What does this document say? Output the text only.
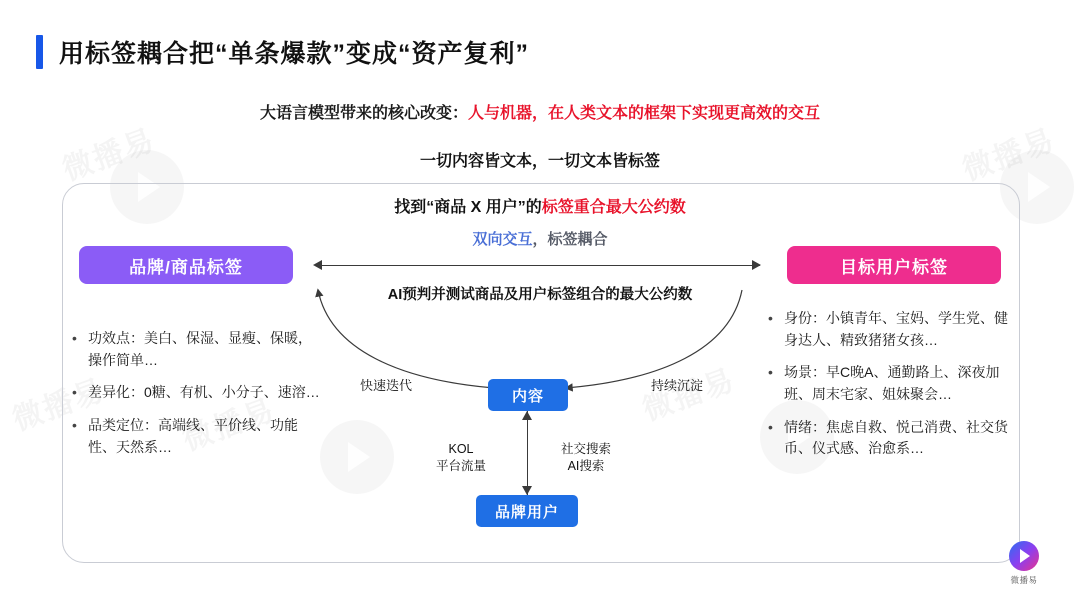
用标签耦合把“单条爆款”变成“资产复利”
大语言模型带来的核心改变：人与机器，在人类文本的框架下实现更高效的交互
一切内容皆文本，一切文本皆标签
找到“商品 X 用户”的标签重合最大公约数
双向交互，标签耦合
品牌/商品标签	目标用户标签
AI预判并测试商品及用户标签组合的最大公约数
快速迭代	持续沉淀
内容
品牌用户
KOL
平台流量
社交搜索
AI搜索
• 功效点：美白、保湿、显瘦、保暖，操作简单…
• 差异化：0糖、有机、小分子、速溶…
• 品类定位：高端线、平价线、功能性、天然系…
• 身份：小镇青年、宝妈、学生党、健身达人、精致猪猪女孩…
• 场景：早C晚A、通勤路上、深夜加班、周末宅家、姐妹聚会…
• 情绪：焦虑自救、悦己消费、社交货币、仪式感、治愈系…
微播易
